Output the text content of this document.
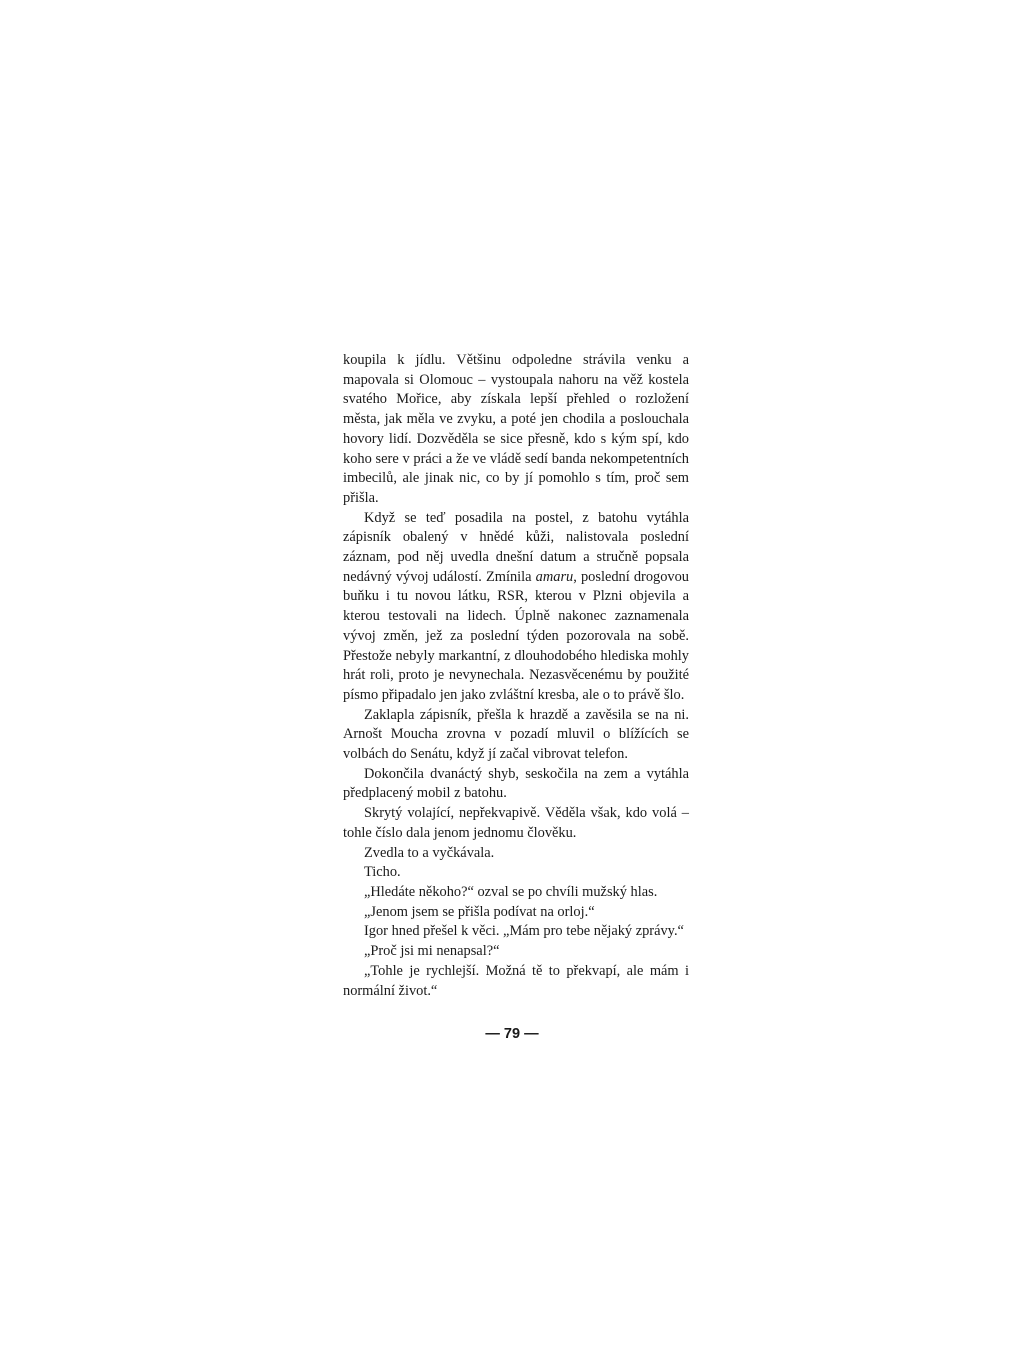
koupila k jídlu. Většinu odpoledne strávila venku a mapovala si Olomouc – vystoupala nahoru na věž kostela svatého Mořice, aby získala lepší přehled o rozložení města, jak měla ve zvyku, a poté jen chodila a poslouchala hovory lidí. Dozvěděla se sice přesně, kdo s kým spí, kdo koho sere v práci a že ve vládě sedí banda nekompetentních imbecilů, ale jinak nic, co by jí pomohlo s tím, proč sem přišla.

Když se teď posadila na postel, z batohu vytáhla zápisník obalený v hnědé kůži, nalistovala poslední záznam, pod něj uvedla dnešní datum a stručně popsala nedávný vývoj událostí. Zmínila amaru, poslední drogovou buňku i tu novou látku, RSR, kterou v Plzni objevila a kterou testovali na lidech. Úplně nakonec zaznamenala vývoj změn, jež za poslední týden pozorovala na sobě. Přestože nebyly markantní, z dlouhodobého hlediska mohly hrát roli, proto je nevynechala. Nezasvěcenému by použité písmo připadalo jen jako zvláštní kresba, ale o to právě šlo.

Zaklapla zápisník, přešla k hrazdě a zavěsila se na ni. Arnošt Moucha zrovna v pozadí mluvil o blížících se volbách do Senátu, když jí začal vibrovat telefon.

Dokončila dvanáctý shyb, seskočila na zem a vytáhla předplacený mobil z batohu.

Skrytý volající, nepřekvapivě. Věděla však, kdo volá – tohle číslo dala jenom jednomu člověku.

Zvedla to a vyčkávala.

Ticho.

„Hledáte někoho?“ ozval se po chvíli mužský hlas.

„Jenom jsem se přišla podívat na orloj.“

Igor hned přešel k věci. „Mám pro tebe nějaký zprávy.“

„Proč jsi mi nenapsal?“

„Tohle je rychlejší. Možná tě to překvapí, ale mám i normální život.“

— 79 —
